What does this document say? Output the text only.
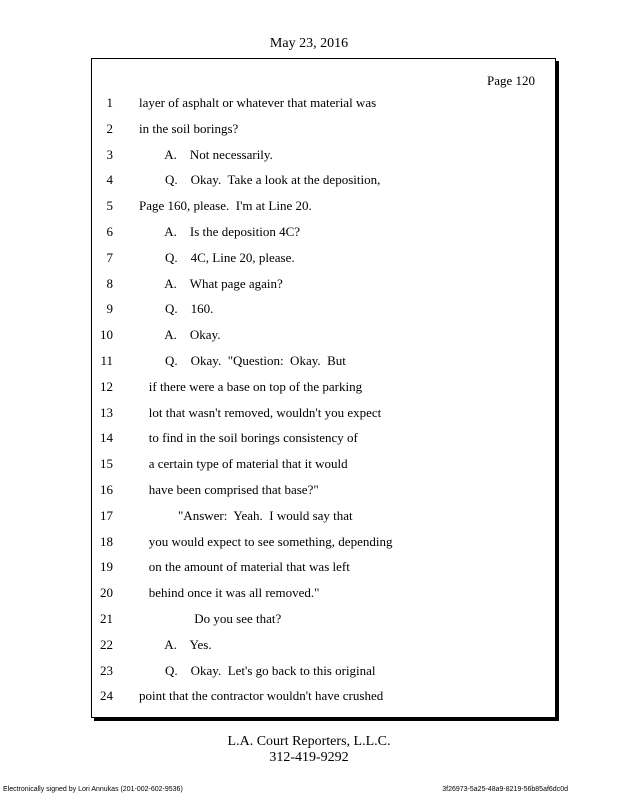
May 23, 2016
Page 120
1 layer of asphalt or whatever that material was
2 in the soil borings?
3 A.    Not necessarily.
4 Q.    Okay.  Take a look at the deposition,
5 Page 160, please.  I'm at Line 20.
6 A.    Is the deposition 4C?
7 Q.    4C, Line 20, please.
8 A.    What page again?
9 Q.    160.
10 A.    Okay.
11 Q.    Okay.  "Question:  Okay.  But
12 if there were a base on top of the parking
13 lot that wasn't removed, wouldn't you expect
14 to find in the soil borings consistency of
15 a certain type of material that it would
16 have been comprised that base?"
17 "Answer:  Yeah.  I would say that
18 you would expect to see something, depending
19 on the amount of material that was left
20 behind once it was all removed."
21 Do you see that?
22 A.    Yes.
23 Q.    Okay.  Let's go back to this original
24 point that the contractor wouldn't have crushed
L.A. Court Reporters, L.L.C.
312-419-9292
Electronically signed by Lori Annukas (201-002-602-9536)	3f26973-5a25-48a9-8219-56b85af6dc0d
